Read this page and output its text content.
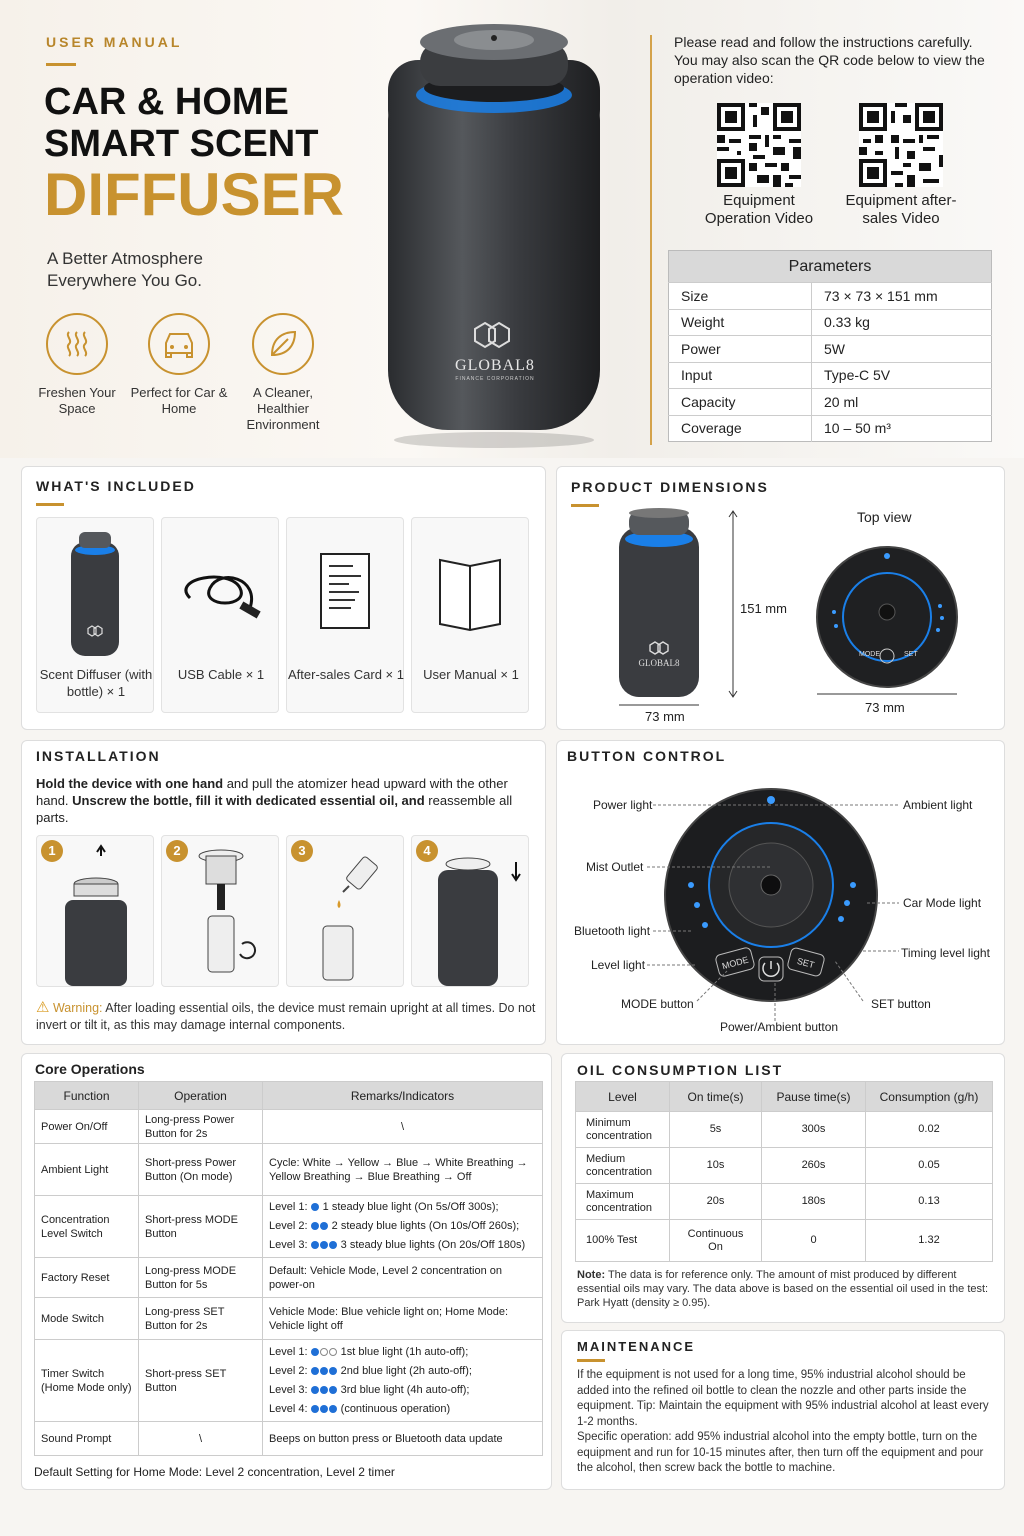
USER MANUAL
CAR & HOME
SMART SCENT
DIFFUSER
A Better Atmosphere Everywhere You Go.
Freshen Your Space
Perfect for Car & Home
A Cleaner, Healthier Environment
GLOBAL8
FINANCE CORPORATION
Please read and follow the instructions carefully. You may also scan the QR code below to view the operation video:
Equipment Operation Video
Equipment after-sales Video
Parameters	
Size	73 × 73 × 151 mm
Weight	0.33 kg
Power	5W
Input	Type-C 5V
Capacity	20 ml
Coverage	10 – 50 m³
WHAT'S INCLUDED
Scent Diffuser (with bottle) × 1
USB Cable × 1	After-sales Card × 1	User Manual × 1
PRODUCT DIMENSIONS
GLOBAL8
151 mm
73 mm
Top view
MODE	SET
73 mm
INSTALLATION
Hold the device with one hand and pull the atomizer head upward with the other hand. Unscrew the bottle, fill it with dedicated essential oil, and reassemble all parts.
1	2	3	4
⚠ Warning: After loading essential oils, the device must remain upright at all times. Do not invert or tilt it, as this may damage internal components.
BUTTON CONTROL
MODE	SET
Power light	Ambient light
Mist Outlet
Car Mode light
Bluetooth light
Timing level light
Level light
MODE button	SET button
Power/Ambient button
Core Operations
Function	Operation	Remarks/Indicators
Power On/Off	Long-press Power Button for 2s	\
Ambient Light	Short-press Power Button (On mode)	Cycle: White → Yellow → Blue → White Breathing → Yellow Breathing → Blue Breathing → Off
Concentration Level Switch	Short-press MODE Button	Level 1: 1 steady blue light (On 5s/Off 300s);
Level 2: 2 steady blue lights (On 10s/Off 260s);
Level 3: 3 steady blue lights (On 20s/Off 180s)

Factory Reset	Long-press MODE Button for 5s	Default: Vehicle Mode, Level 2 concentration on power-on
Mode Switch	Long-press SET Button for 2s	Vehicle Mode: Blue vehicle light on; Home Mode: Vehicle light off
Timer Switch (Home Mode only)	Short-press SET Button	Level 1: 1st blue light (1h auto-off);
Level 2: 2nd blue light (2h auto-off);
Level 3: 3rd blue light (4h auto-off);
Level 4: (continuous operation)

Sound Prompt	\	Beeps on button press or Bluetooth data update
Default Setting for Home Mode: Level 2 concentration, Level 2 timer
OIL CONSUMPTION LIST
Level	On time(s)	Pause time(s)	Consumption (g/h)
Minimum concentration	5s	300s	0.02
Medium concentration	10s	260s	0.05
Maximum concentration	20s	180s	0.13
100% Test	Continuous On	0	1.32
Note: The data is for reference only. The amount of mist produced by different essential oils may vary. The data above is based on the essential oil used in the test: Park Hyatt (density ≥ 0.95).
MAINTENANCE
If the equipment is not used for a long time, 95% industrial alcohol should be added into the refined oil bottle to clean the nozzle and other parts inside the equipment. Tip: Maintain the equipment with 95% industrial alcohol at least every 1-2 months.
Specific operation: add 95% industrial alcohol into the empty bottle, turn on the equipment and run for 10-15 minutes after, then turn off the equipment and pour the alcohol, then screw back the bottle to machine.
